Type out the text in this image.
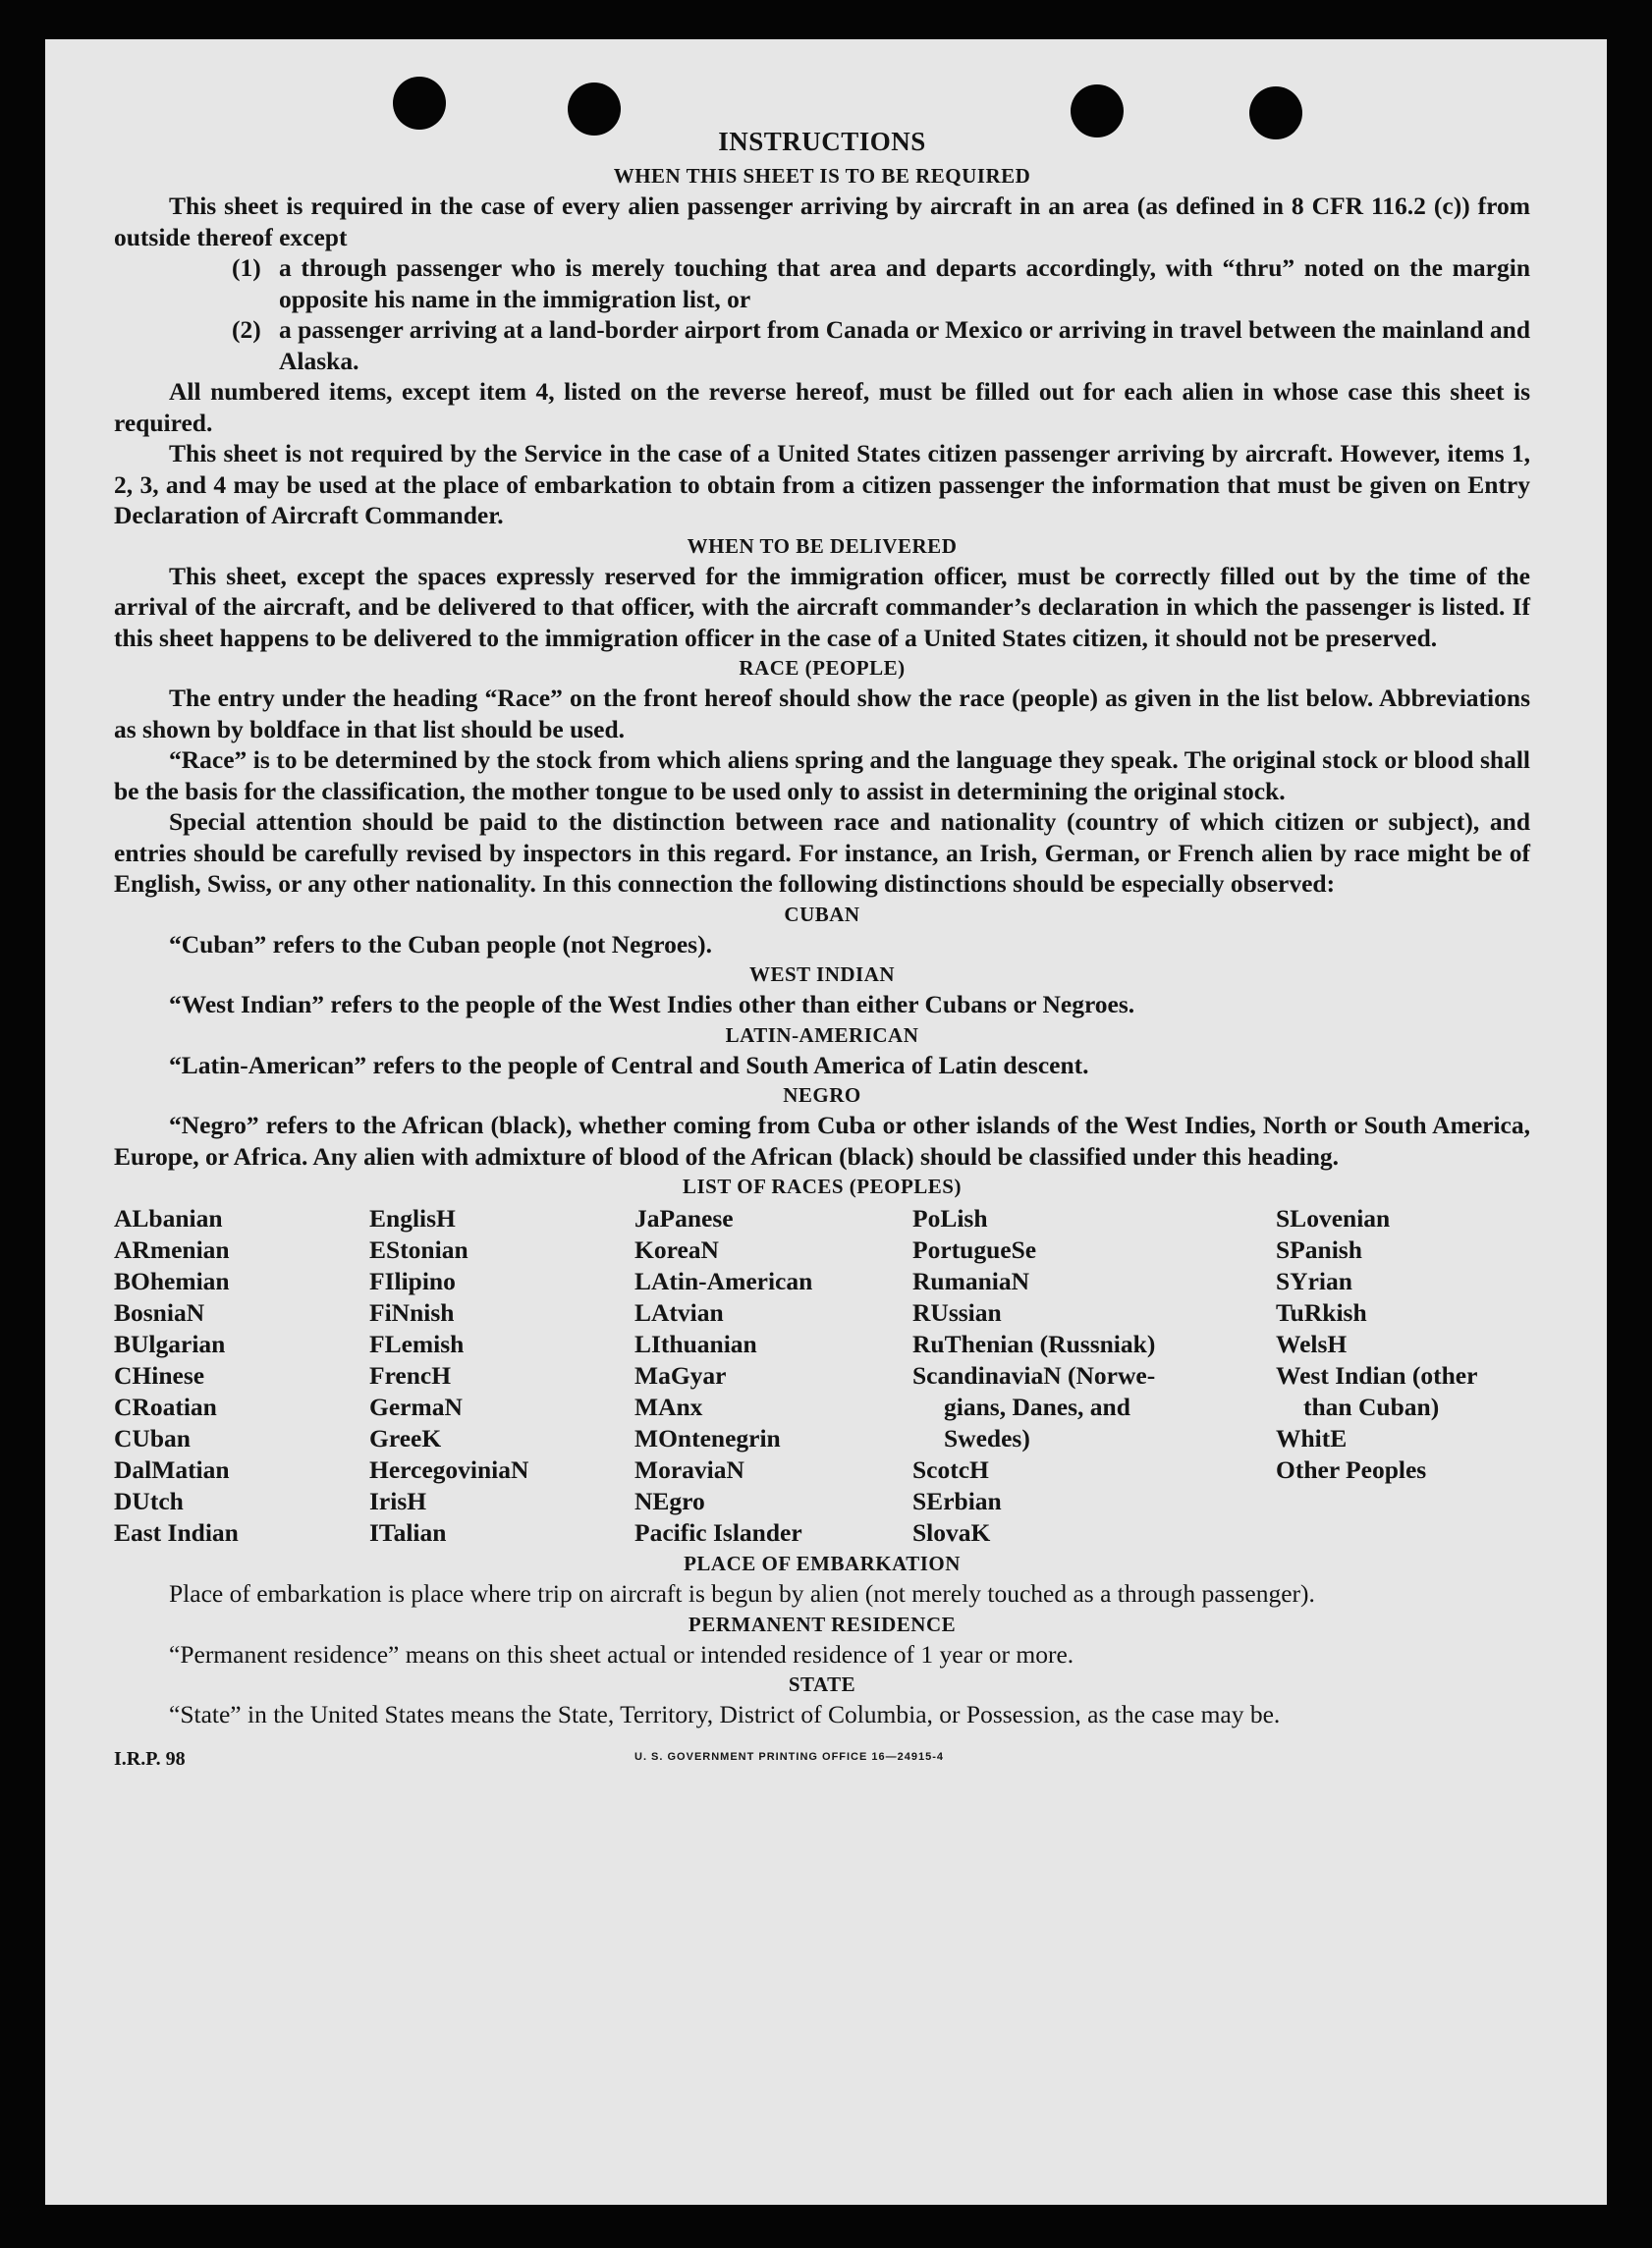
INSTRUCTIONS
WHEN THIS SHEET IS TO BE REQUIRED

This sheet is required in the case of every alien passenger arriving by aircraft in an area (as defined in 8 CFR 116.2 (c)) from outside thereof except

(1) a through passenger who is merely touching that area and departs accordingly, with “thru” noted on the margin opposite his name in the immigration list, or
(2) a passenger arriving at a land-border airport from Canada or Mexico or arriving in travel between the mainland and Alaska.

All numbered items, except item 4, listed on the reverse hereof, must be filled out for each alien in whose case this sheet is required.

This sheet is not required by the Service in the case of a United States citizen passenger arriving by aircraft. However, items 1, 2, 3, and 4 may be used at the place of embarkation to obtain from a citizen passenger the information that must be given on Entry Declaration of Aircraft Commander.

WHEN TO BE DELIVERED

This sheet, except the spaces expressly reserved for the immigration officer, must be correctly filled out by the time of the arrival of the aircraft, and be delivered to that officer, with the aircraft commander’s declaration in which the passenger is listed. If this sheet happens to be delivered to the immigration officer in the case of a United States citizen, it should not be preserved.

RACE (PEOPLE)

The entry under the heading “Race” on the front hereof should show the race (people) as given in the list below. Abbreviations as shown by boldface in that list should be used.

“Race” is to be determined by the stock from which aliens spring and the language they speak. The original stock or blood shall be the basis for the classification, the mother tongue to be used only to assist in determining the original stock.

Special attention should be paid to the distinction between race and nationality (country of which citizen or subject), and entries should be carefully revised by inspectors in this regard. For instance, an Irish, German, or French alien by race might be of English, Swiss, or any other nationality. In this connection the following distinctions should be especially observed:

CUBAN

“Cuban” refers to the Cuban people (not Negroes).

WEST INDIAN

“West Indian” refers to the people of the West Indies other than either Cubans or Negroes.

LATIN-AMERICAN

“Latin-American” refers to the people of Central and South America of Latin descent.

NEGRO

“Negro” refers to the African (black), whether coming from Cuba or other islands of the West Indies, North or South America, Europe, or Africa. Any alien with admixture of blood of the African (black) should be classified under this heading.

LIST OF RACES (PEOPLES)
ALbanian
ARmenian
BOhemian
BosniaN
BUlgarian
CHinese
CRoatian
CUban
DalMatian
DUtch
East Indian
EnglisH
EStonian
FIlipino
FiNnish
FLemish
FrencH
GermaN
GreeK
HercegoviniaN
IrisH
ITalian
JaPanese
KoreaN
LAtin-American
LAtvian
LIthuanian
MaGyar
MAnx
MOntenegrin
MoraviaN
NEgro
Pacific Islander
PoLish
PortugueSe
RumaniaN
RUssian
RuThenian (Russniak)
ScandinaviaN (Norwe-
gians, Danes, and
Swedes)
ScotcH
SErbian
SlovaK
SLovenian
SPanish
SYrian
TuRkish
WelsH
West Indian (other
than Cuban)
WhitE
Other Peoples
PLACE OF EMBARKATION

Place of embarkation is place where trip on aircraft is begun by alien (not merely touched as a through passenger).

PERMANENT RESIDENCE

“Permanent residence” means on this sheet actual or intended residence of 1 year or more.

STATE

“State” in the United States means the State, Territory, District of Columbia, or Possession, as the case may be.

I.R.P. 98	U. S. GOVERNMENT PRINTING OFFICE 16—24915-4
